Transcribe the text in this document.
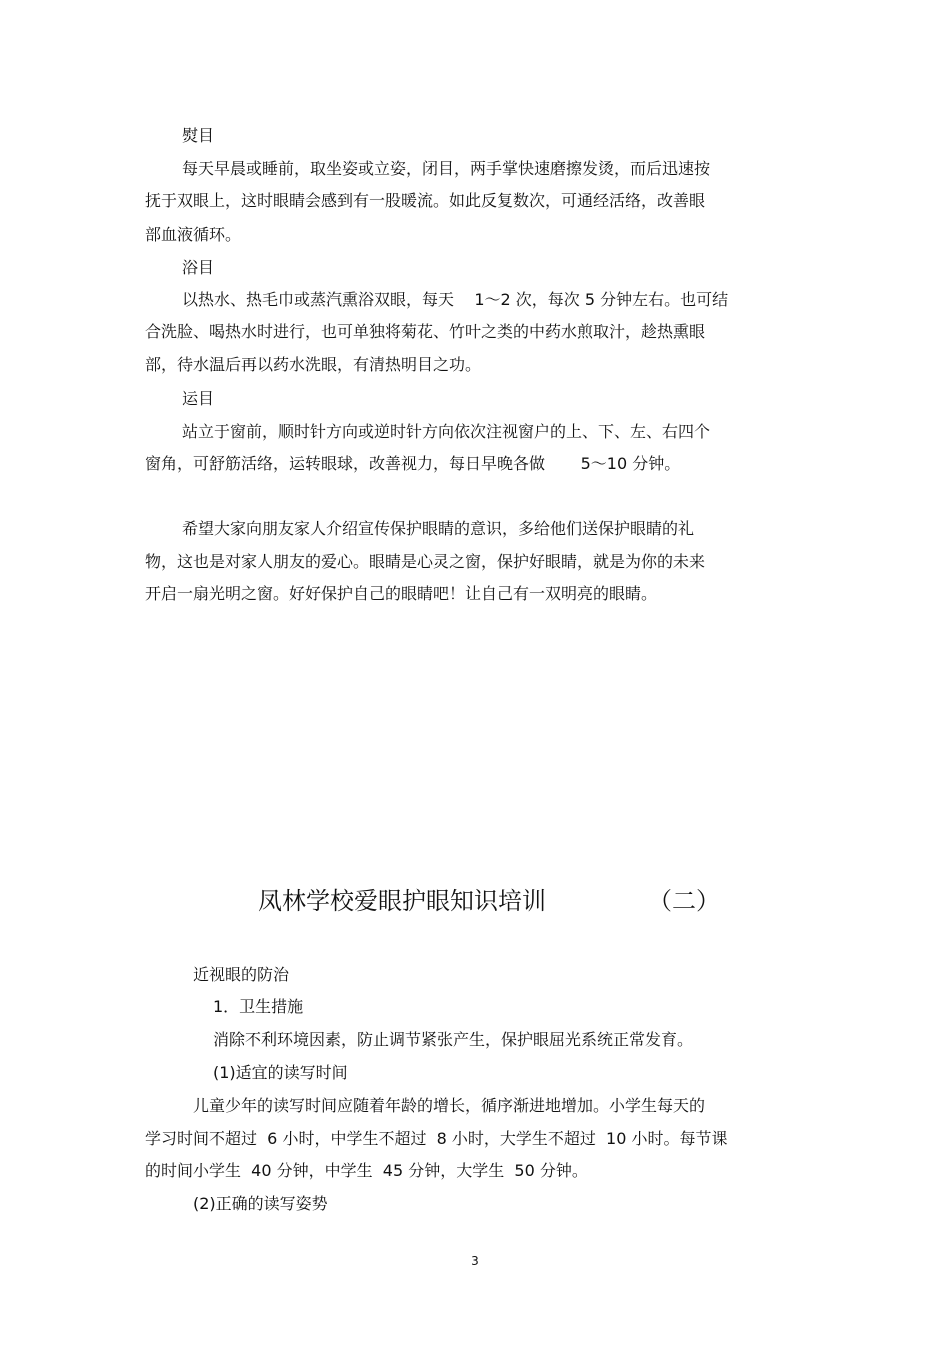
熨目

每天早晨或睡前，取坐姿或立姿，闭目，两手掌快速磨擦发烫，而后迅速按

抚于双眼上，这时眼睛会感到有一股暖流。如此反复数次，可通经活络，改善眼

部血液循环。

浴目

以热水、热毛巾或蒸汽熏浴双眼，每天    1～2 次，每次 5 分钟左右。也可结

合洗脸、喝热水时进行，也可单独将菊花、竹叶之类的中药水煎取汁，趁热熏眼

部，待水温后再以药水洗眼，有清热明目之功。

运目

站立于窗前，顺时针方向或逆时针方向依次注视窗户的上、下、左、右四个

窗角，可舒筋活络，运转眼球，改善视力，每日早晚各做       5～10 分钟。

希望大家向朋友家人介绍宣传保护眼睛的意识，多给他们送保护眼睛的礼

物，这也是对家人朋友的爱心。眼睛是心灵之窗，保护好眼睛，就是为你的未来

开启一扇光明之窗。好好保护自己的眼睛吧！让自己有一双明亮的眼睛。

凤林学校爱眼护眼知识培训	（二）

近视眼的防治

1．卫生措施

消除不利环境因素，防止调节紧张产生，保护眼屈光系统正常发育。

(1)适宜的读写时间

儿童少年的读写时间应随着年龄的增长，循序渐进地增加。小学生每天的

学习时间不超过  6 小时，中学生不超过  8 小时，大学生不超过  10 小时。每节课

的时间小学生  40 分钟，中学生  45 分钟，大学生  50 分钟。

(2)正确的读写姿势

3
